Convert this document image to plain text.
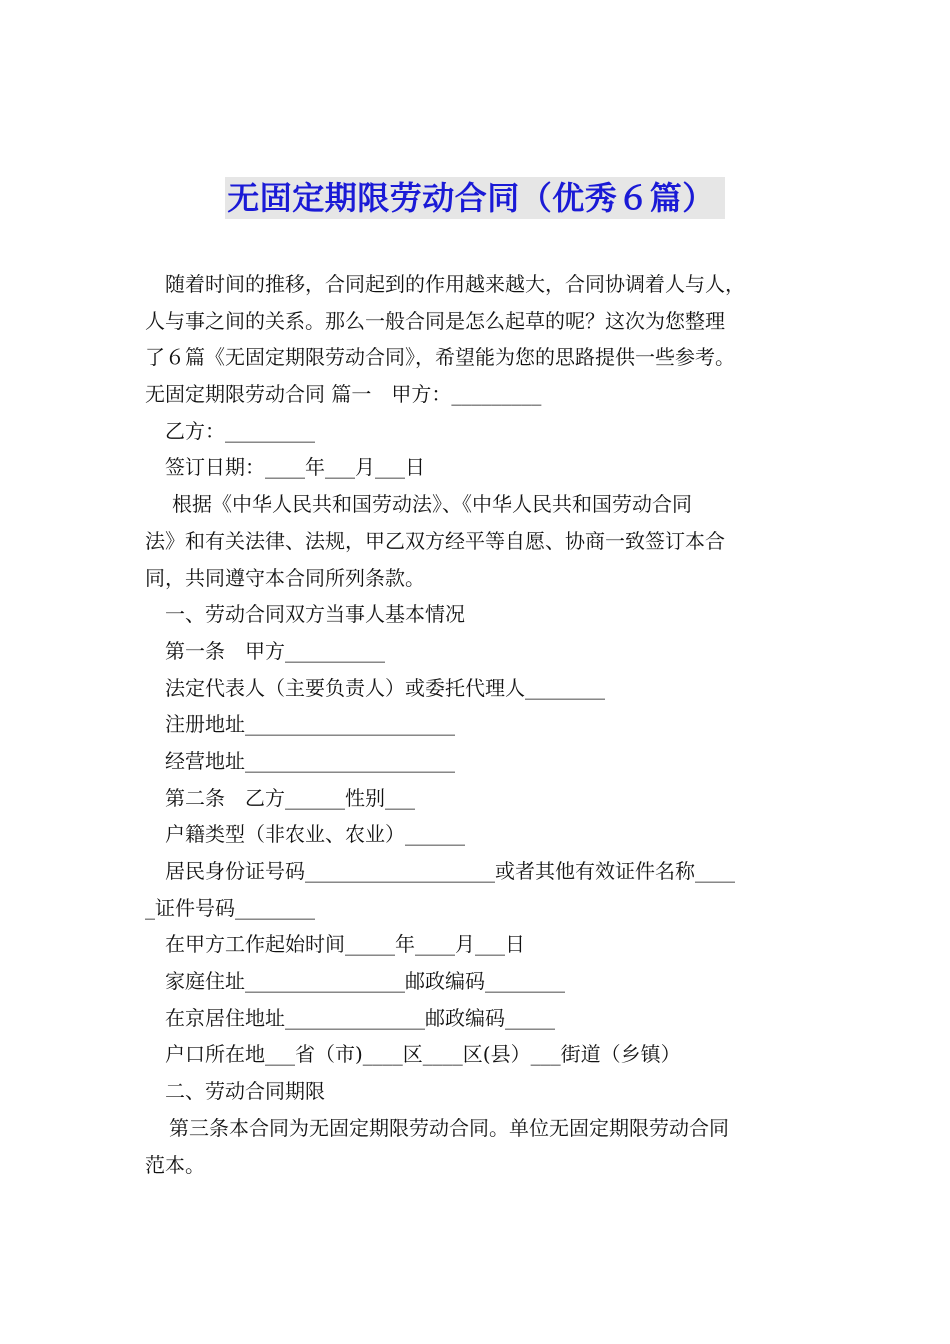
无固定期限劳动合同（优秀６篇）
随着时间的推移，合同起到的作用越来越大，合同协调着人与人，
人与事之间的关系。那么一般合同是怎么起草的呢？这次为您整理
了６篇《无固定期限劳动合同》，希望能为您的思路提供一些参考。
无固定期限劳动合同 篇一　甲方：_________
乙方：_________
签订日期：____年___月___日
根据《中华人民共和国劳动法》、《中华人民共和国劳动合同
法》和有关法律、法规，甲乙双方经平等自愿、协商一致签订本合
同，共同遵守本合同所列条款。
一、劳动合同双方当事人基本情况
第一条　甲方__________
法定代表人（主要负责人）或委托代理人________
注册地址_____________________
经营地址_____________________
第二条　乙方______性别___
户籍类型（非农业、农业）______
居民身份证号码___________________或者其他有效证件名称____
_证件号码________
在甲方工作起始时间_____年____月___日
家庭住址________________邮政编码________
在京居住地址______________邮政编码_____
户口所在地___省（市)____区____区(县）___街道（乡镇）
二、劳动合同期限
第三条本合同为无固定期限劳动合同。单位无固定期限劳动合同
范本。
